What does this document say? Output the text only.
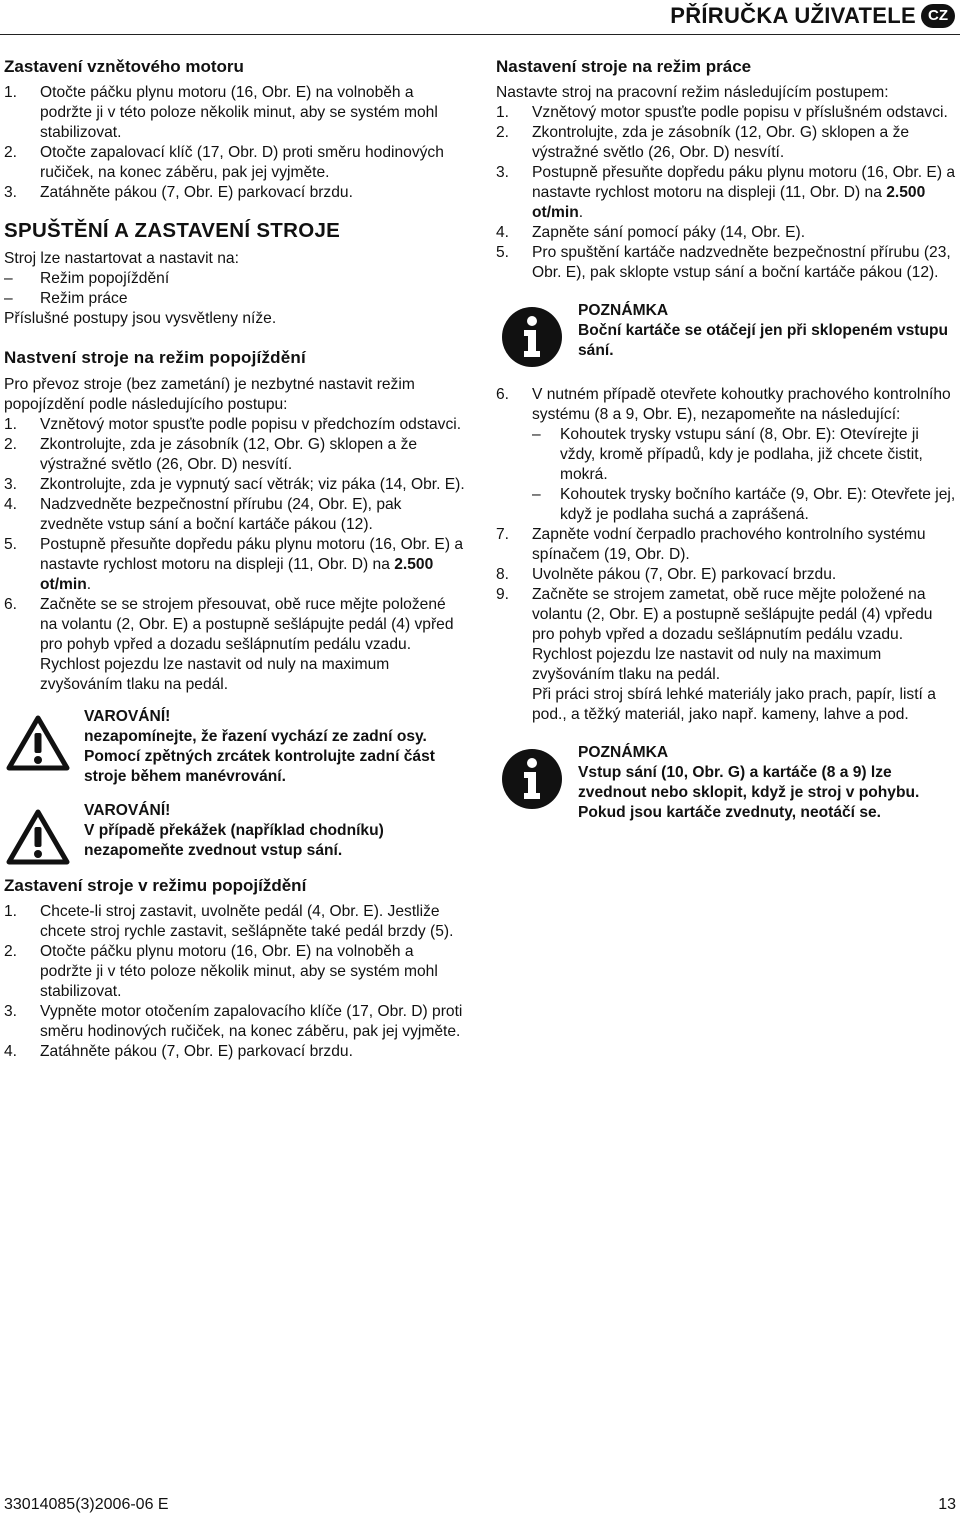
PŘÍRUČKA UŽIVATELE CZ
Zastavení vznětového motoru
1. Otočte páčku plynu motoru (16, Obr. E) na volnoběh a podržte ji v této poloze několik minut, aby se systém mohl stabilizovat.
2. Otočte zapalovací klíč (17, Obr. D) proti směru hodinových ručiček, na konec záběru, pak jej vyjměte.
3. Zatáhněte pákou (7, Obr. E) parkovací brzdu.
SPUŠTĚNÍ A ZASTAVENÍ STROJE

Stroj lze nastartovat a nastavit na:

– Režim popojíždění
– Režim práce

Příslušné postupy jsou vysvětleny níže.

Nastvení stroje na režim popojíždění

Pro převoz stroje (bez zametání) je nezbytné nastavit režim popojízdění podle následujícího postupu:

1. Vznětový motor spusťte podle popisu v předchozím odstavci.
2. Zkontrolujte, zda je zásobník (12, Obr. G) sklopen a že výstražné světlo (26, Obr. D) nesvítí.
3. Zkontrolujte, zda je vypnutý sací větrák; viz páka (14, Obr. E).
4. Nadzvedněte bezpečnostní přírubu (24, Obr. E), pak zvedněte vstup sání a boční kartáče pákou (12).
5. Postupně přesuňte dopředu páku plynu motoru (16, Obr. E) a nastavte rychlost motoru na displeji (11, Obr. D) na 2.500 ot/min.
6. Začněte se se strojem přesouvat, obě ruce mějte položené na volantu (2, Obr. E) a postupně sešlápujte pedál (4) vpřed pro pohyb vpřed a dozadu sešlápnutím pedálu vzadu.
Rychlost pojezdu lze nastavit od nuly na maximum zvyšováním tlaku na pedál.
VAROVÁNÍ!
nezapomínejte, že řazení vychází ze zadní osy. Pomocí zpětných zrcátek kontrolujte zadní část stroje během manévrování.
VAROVÁNÍ!
V případě překážek (například chodníku) nezapomeňte zvednout vstup sání.
Zastavení stroje v režimu popojíždění
1. Chcete-li stroj zastavit, uvolněte pedál (4, Obr. E). Jestliže chcete stroj rychle zastavit, sešlápněte také pedál brzdy (5).
2. Otočte páčku plynu motoru (16, Obr. E) na volnoběh a podržte ji v této poloze několik minut, aby se systém mohl stabilizovat.
3. Vypněte motor otočením zapalovacího klíče (17, Obr. D) proti směru hodinových ručiček, na konec záběru, pak jej vyjměte.
4. Zatáhněte pákou (7, Obr. E) parkovací brzdu.
Nastavení stroje na režim práce

Nastavte stroj na pracovní režim následujícím postupem:

1. Vznětový motor spusťte podle popisu v příslušném odstavci.
2. Zkontrolujte, zda je zásobník (12, Obr. G) sklopen a že výstražné světlo (26, Obr. D) nesvítí.
3. Postupně přesuňte dopředu páku plynu motoru (16, Obr. E) a nastavte rychlost motoru na displeji (11, Obr. D) na 2.500 ot/min.
4. Zapněte sání pomocí páky (14, Obr. E).
5. Pro spuštění kartáče nadzvedněte bezpečnostní přírubu (23, Obr. E), pak sklopte vstup sání a boční kartáče pákou (12).
POZNÁMKA
Boční kartáče se otáčejí jen při sklopeném vstupu sání.
6. V nutném případě otevřete kohoutky prachového kontrolního systému (8 a 9, Obr. E), nezapomeňte na následující:
– Kohoutek trysky vstupu sání (8, Obr. E): Otevírejte ji vždy, kromě případů, kdy je podlaha, již chcete čistit, mokrá.
– Kohoutek trysky bočního kartáče (9, Obr. E): Otevřete jej, když je podlaha suchá a zaprášená.
7. Zapněte vodní čerpadlo prachového kontrolního systému spínačem (19, Obr. D).
8. Uvolněte pákou (7, Obr. E) parkovací brzdu.
9. Začněte se strojem zametat, obě ruce mějte položené na volantu (2, Obr. E) a postupně sešlápujte pedál (4) vpředu pro pohyb vpřed a dozadu sešlápnutím pedálu vzadu.
Rychlost pojezdu lze nastavit od nuly na maximum zvyšováním tlaku na pedál.
Při práci stroj sbírá lehké materiály jako prach, papír, listí a pod., a těžký materiál, jako např. kameny, lahve a pod.
POZNÁMKA
Vstup sání (10, Obr. G) a kartáče (8 a 9) lze zvednout nebo sklopit, když je stroj v pohybu. Pokud jsou kartáče zvednuty, neotáčí se.
33014085(3)2006-06 E	13
